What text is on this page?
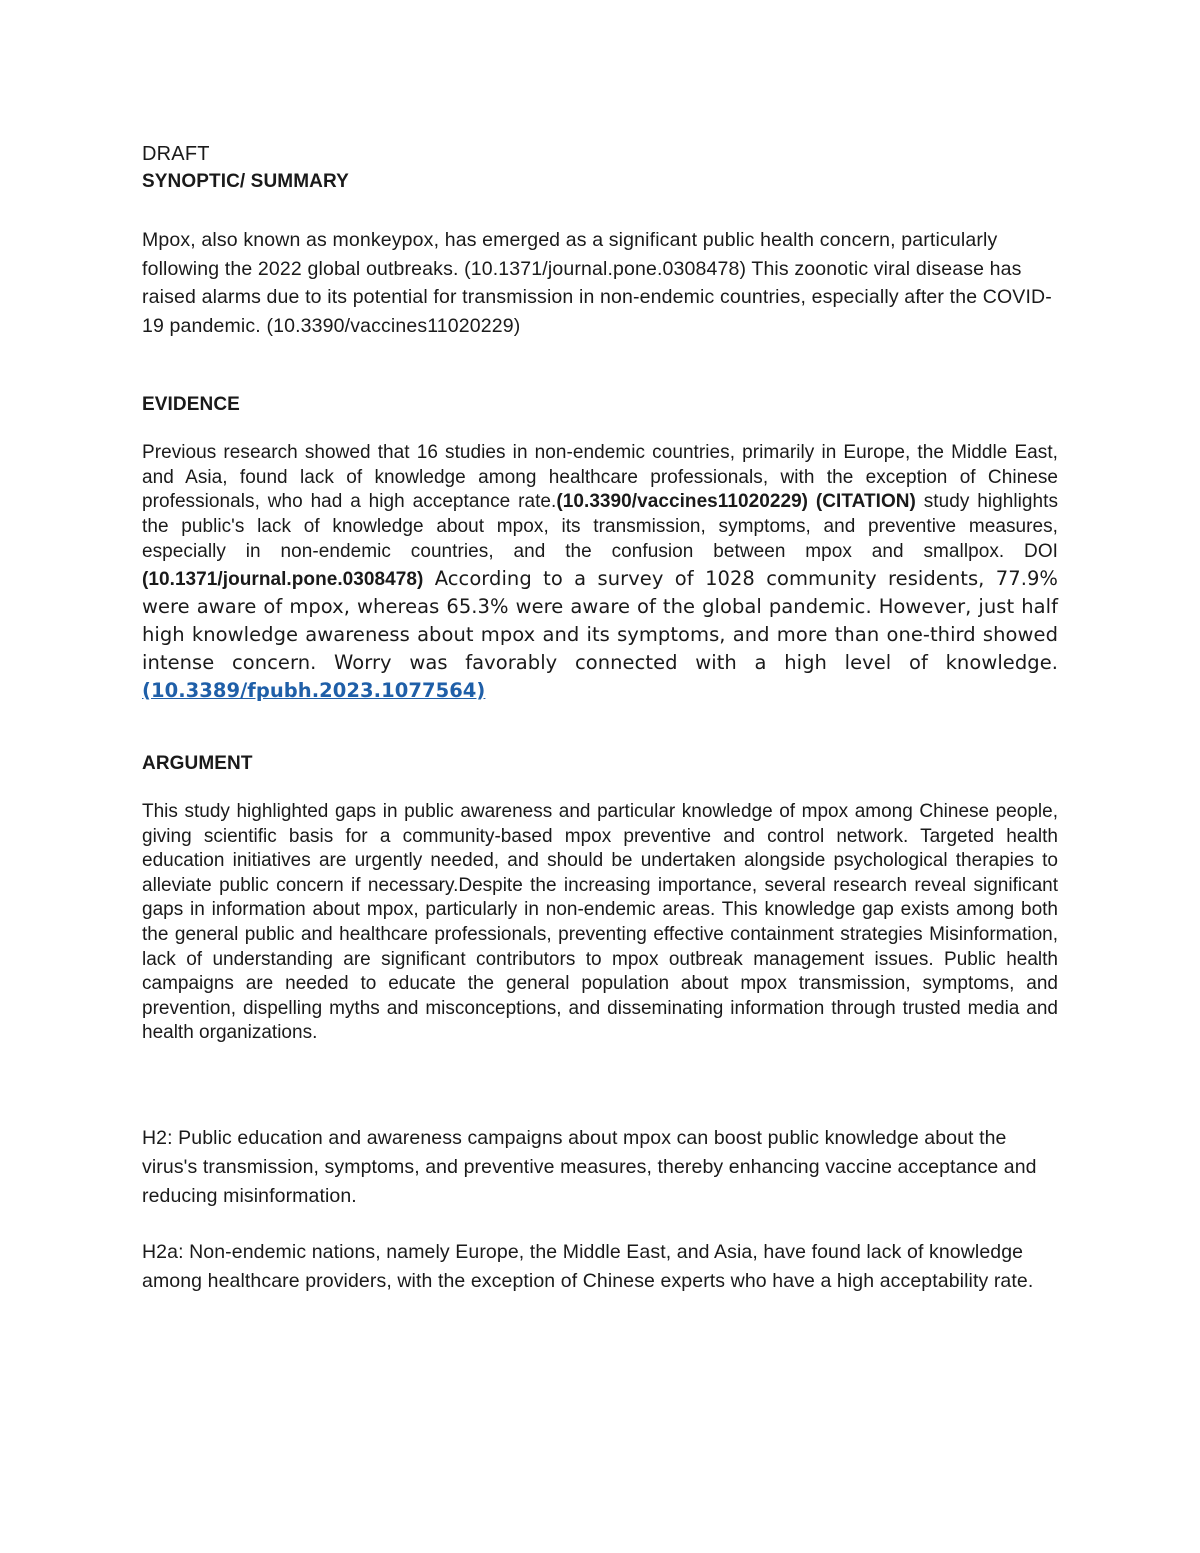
DRAFT
SYNOPTIC/ SUMMARY

Mpox, also known as monkeypox, has emerged as a significant public health concern, particularly following the 2022 global outbreaks. (10.1371/journal.pone.0308478) This zoonotic viral disease has raised alarms due to its potential for transmission in non-endemic countries, especially after the COVID-19 pandemic. (10.3390/vaccines11020229)

EVIDENCE

Previous research showed that 16 studies in non-endemic countries, primarily in Europe, the Middle East, and Asia, found lack of knowledge among healthcare professionals, with the exception of Chinese professionals, who had a high acceptance rate.(10.3390/vaccines11020229) (CITATION) study highlights the public's lack of knowledge about mpox, its transmission, symptoms, and preventive measures, especially in non-endemic countries, and the confusion between mpox and smallpox. DOI (10.1371/journal.pone.0308478) According to a survey of 1028 community residents, 77.9% were aware of mpox, whereas 65.3% were aware of the global pandemic. However, just half high knowledge awareness about mpox and its symptoms, and more than one-third showed intense concern. Worry was favorably connected with a high level of knowledge. (10.3389/fpubh.2023.1077564)

ARGUMENT

This study highlighted gaps in public awareness and particular knowledge of mpox among Chinese people, giving scientific basis for a community-based mpox preventive and control network. Targeted health education initiatives are urgently needed, and should be undertaken alongside psychological therapies to alleviate public concern if necessary.Despite the increasing importance, several research reveal significant gaps in information about mpox, particularly in non-endemic areas. This knowledge gap exists among both the general public and healthcare professionals, preventing effective containment strategies Misinformation, lack of understanding are significant contributors to mpox outbreak management issues. Public health campaigns are needed to educate the general population about mpox transmission, symptoms, and prevention, dispelling myths and misconceptions, and disseminating information through trusted media and health organizations.

H2: Public education and awareness campaigns about mpox can boost public knowledge about the virus's transmission, symptoms, and preventive measures, thereby enhancing vaccine acceptance and reducing misinformation.

H2a: Non-endemic nations, namely Europe, the Middle East, and Asia, have found lack of knowledge among healthcare providers, with the exception of Chinese experts who have a high acceptability rate.
